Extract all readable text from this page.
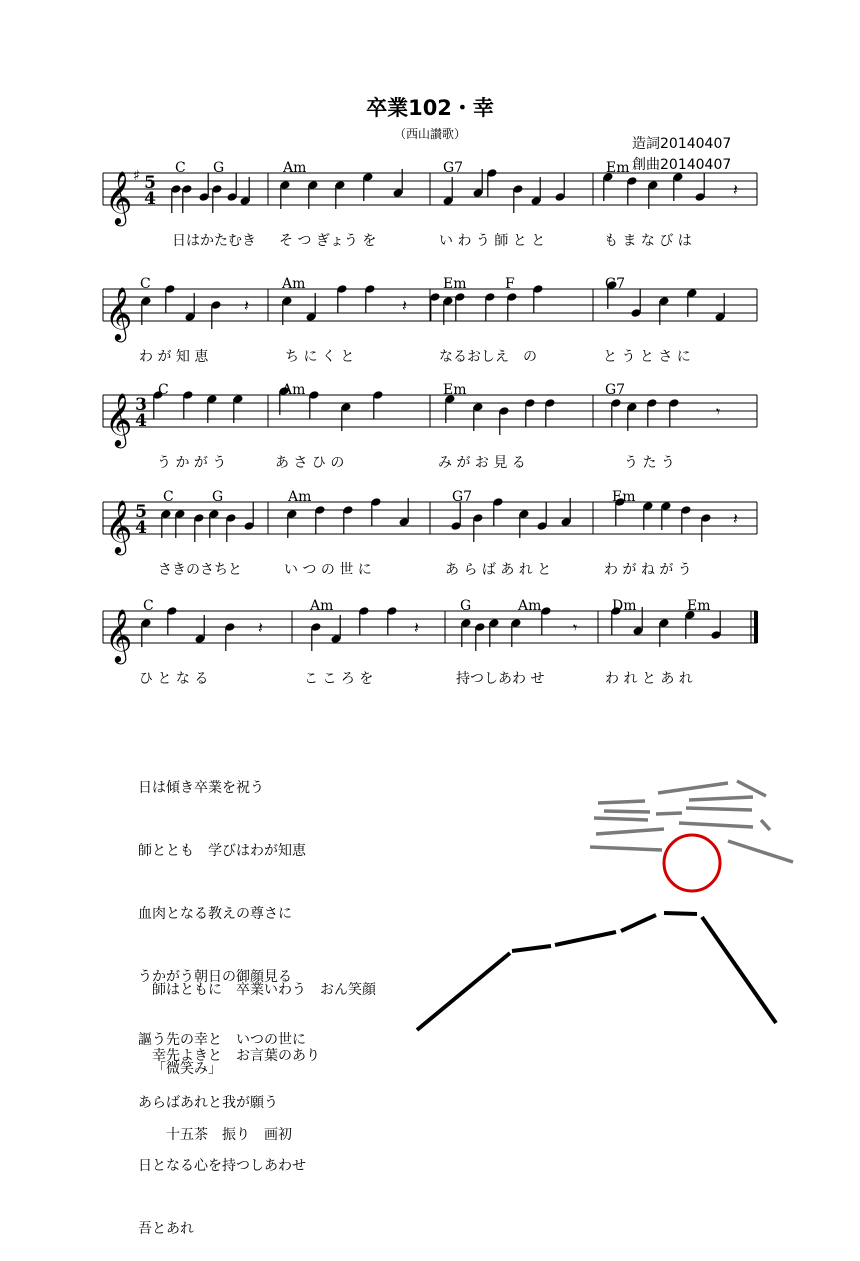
卒業102・幸
（西山讃歌）
造詞20140407
創曲20140407
𝄞 ♯ 5
4	𝄽
𝄞	𝄽	𝄽
𝄞 3
4	𝄾
𝄞 5
4	𝄽
𝄞	𝄽	𝄽	𝄾
C G	Am	G7	Em
C	Am	Em	F	G7
C	Am	Em	G7
C	G	Am	G7	Em
C	Am	G	Am	Dm	Em
日はかたむき そ つ ぎょう を	い わ う 師 と と	も ま な び は
わ が 知 恵	ち に く と	なるおしえ　の	と う と さ に
う か が う	あ さ ひ の	み が お 見 る	う た う
さきのさちと	い つ の 世 に	あ ら ば あ れ と	わ が ね が う
ひ と な る	こ こ ろ を	持つしあわ せ	わ れ と あ れ

日は傾き卒業を祝う

師ととも　学びはわが知恵

血肉となる教えの尊さに

うかがう朝日の御顔見る

謳う先の幸と　いつの世に

あらばあれと我が願う

日となる心を持つしあわせ

吾とあれ

師はともに　卒業いわう　おん笑顔

幸先よきと　お言葉のあり

「微笑み」

　十五茶　振り　画初
